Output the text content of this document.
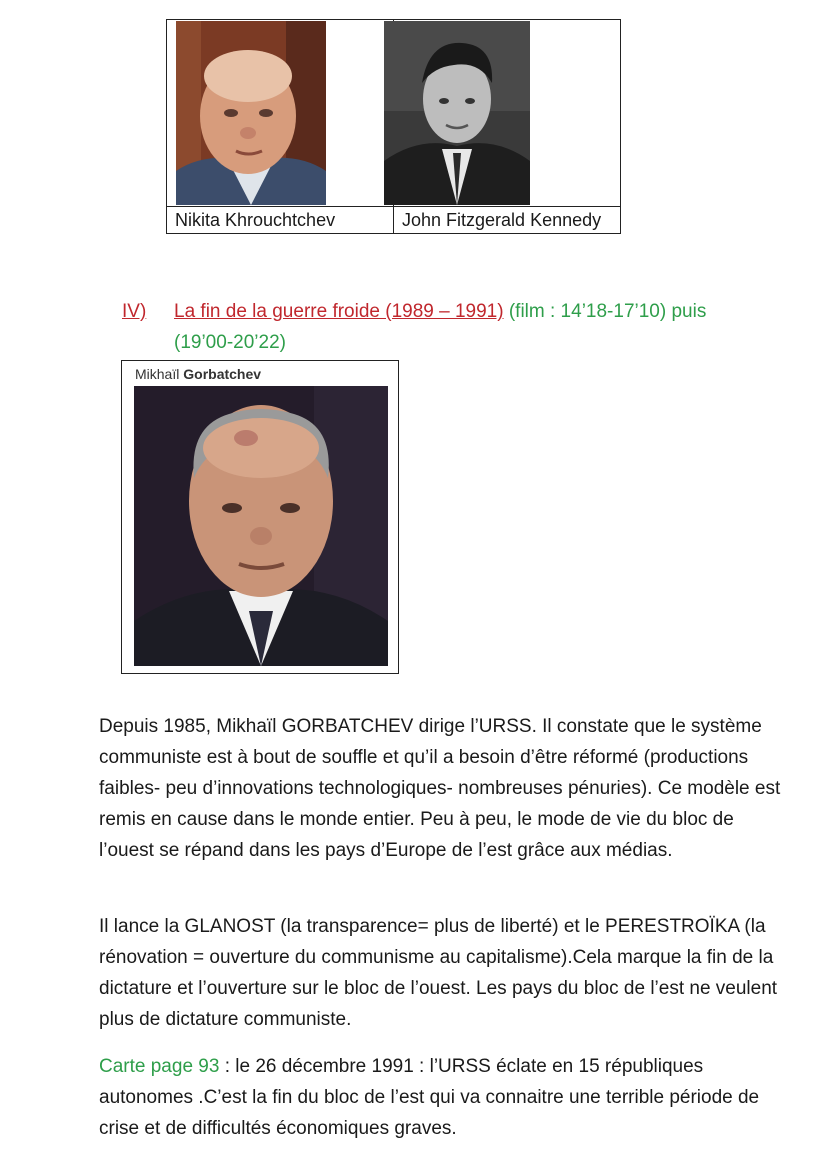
Nikita Khrouchtchev	John Fitzgerald Kennedy
IV) La fin de la guerre froide (1989 – 1991) (film : 14’18-17’10) puis
(19’00-20’22)
Mikhaïl Gorbatchev

Depuis 1985, Mikhaïl GORBATCHEV dirige l’URSS. Il constate que le système communiste est à bout de souffle et qu’il a besoin d’être réformé (productions faibles- peu d’innovations technologiques- nombreuses pénuries). Ce modèle est remis en cause dans le monde entier. Peu à peu, le mode de vie du bloc de l’ouest se répand dans les pays d’Europe de l’est grâce aux médias.

Il lance la GLANOST (la transparence= plus de liberté) et le PERESTROÏKA (la rénovation = ouverture du communisme au capitalisme).Cela marque la fin de la dictature et l’ouverture sur le bloc de l’ouest. Les pays du bloc de l’est ne veulent plus de dictature communiste.

Carte page 93 : le 26 décembre 1991 : l’URSS éclate en 15 républiques autonomes .C’est la fin du bloc de l’est qui va connaitre une terrible période de crise et de difficultés économiques graves.
